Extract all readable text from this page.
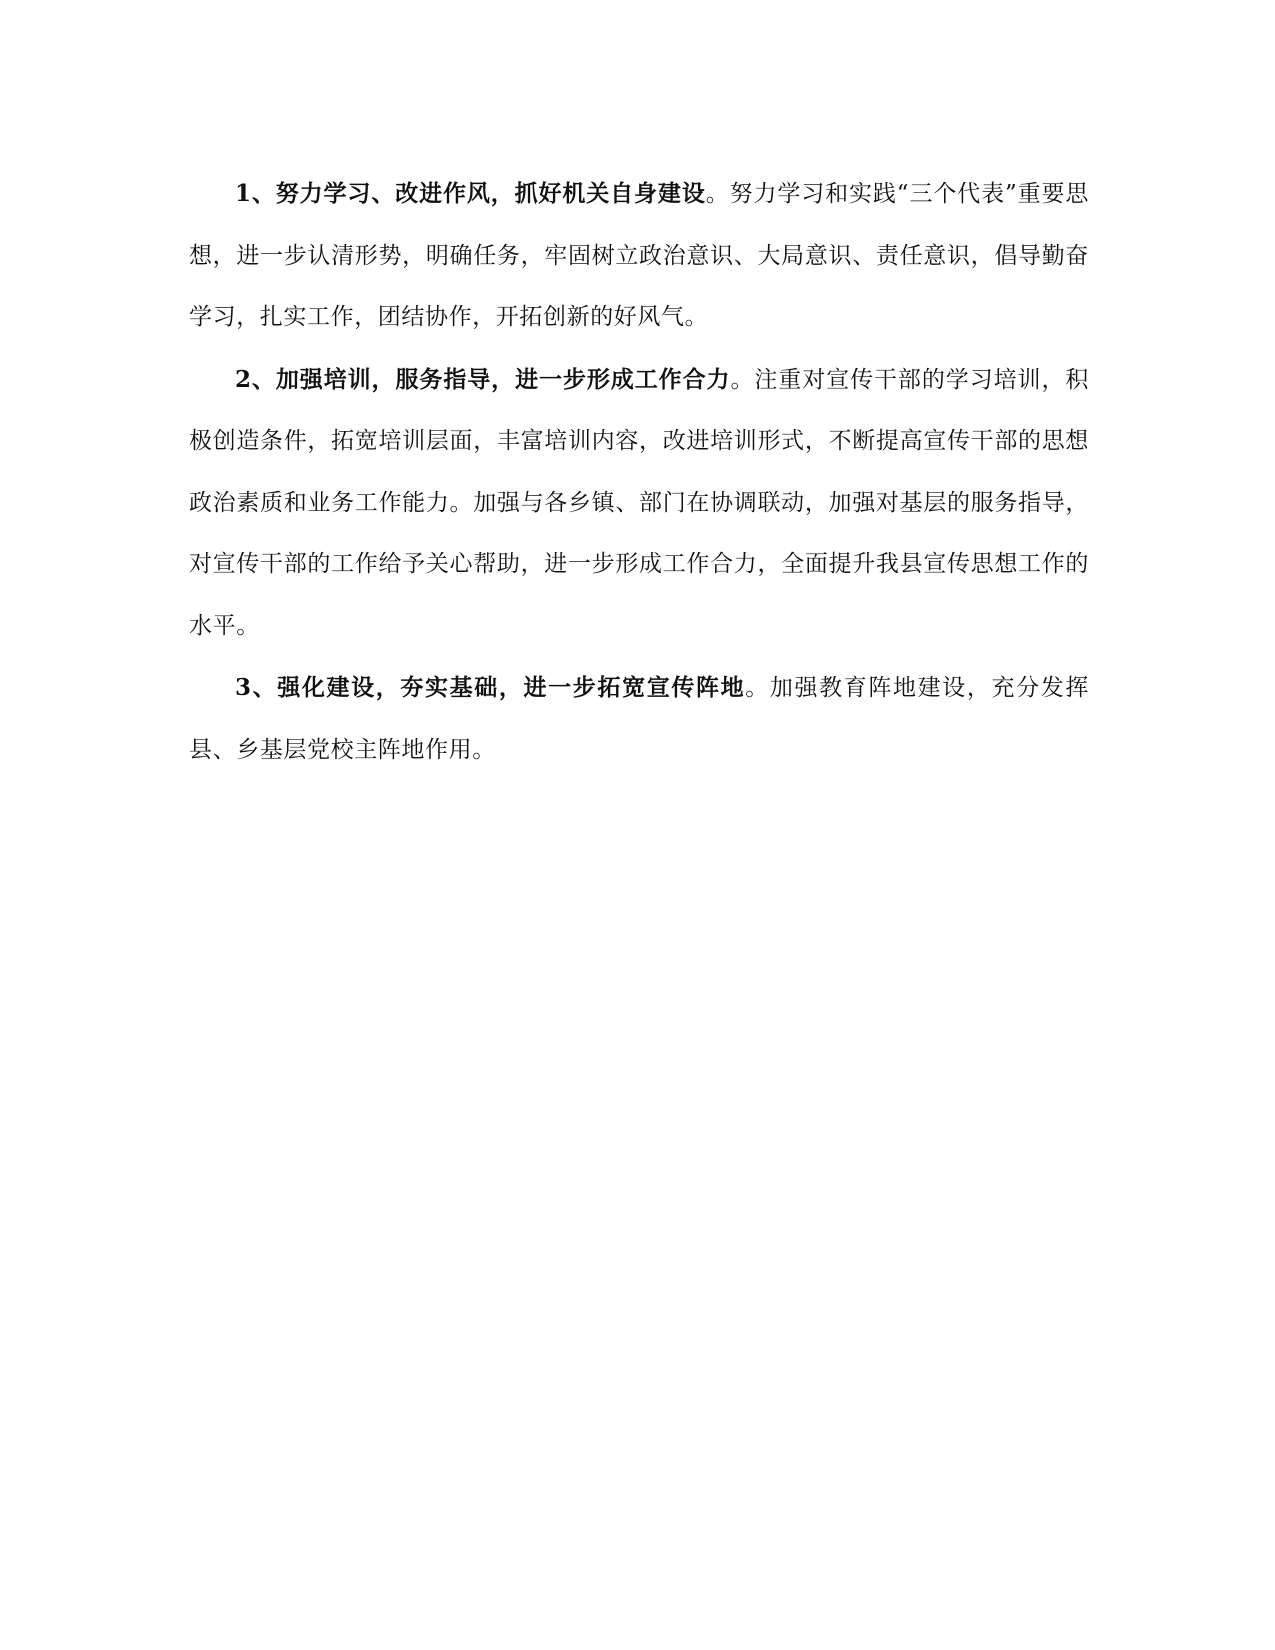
1、努力学习、改进作风，抓好机关自身建设。努力学习和实践“三个代表”重要思想，进一步认清形势，明确任务，牢固树立政治意识、大局意识、责任意识，倡导勤奋学习，扎实工作，团结协作，开拓创新的好风气。

2、加强培训，服务指导，进一步形成工作合力。注重对宣传干部的学习培训，积极创造条件，拓宽培训层面，丰富培训内容，改进培训形式，不断提高宣传干部的思想政治素质和业务工作能力。加强与各乡镇、部门在协调联动，加强对基层的服务指导，对宣传干部的工作给予关心帮助，进一步形成工作合力，全面提升我县宣传思想工作的水平。

3、强化建设，夯实基础，进一步拓宽宣传阵地。加强教育阵地建设，充分发挥县、乡基层党校主阵地作用。
